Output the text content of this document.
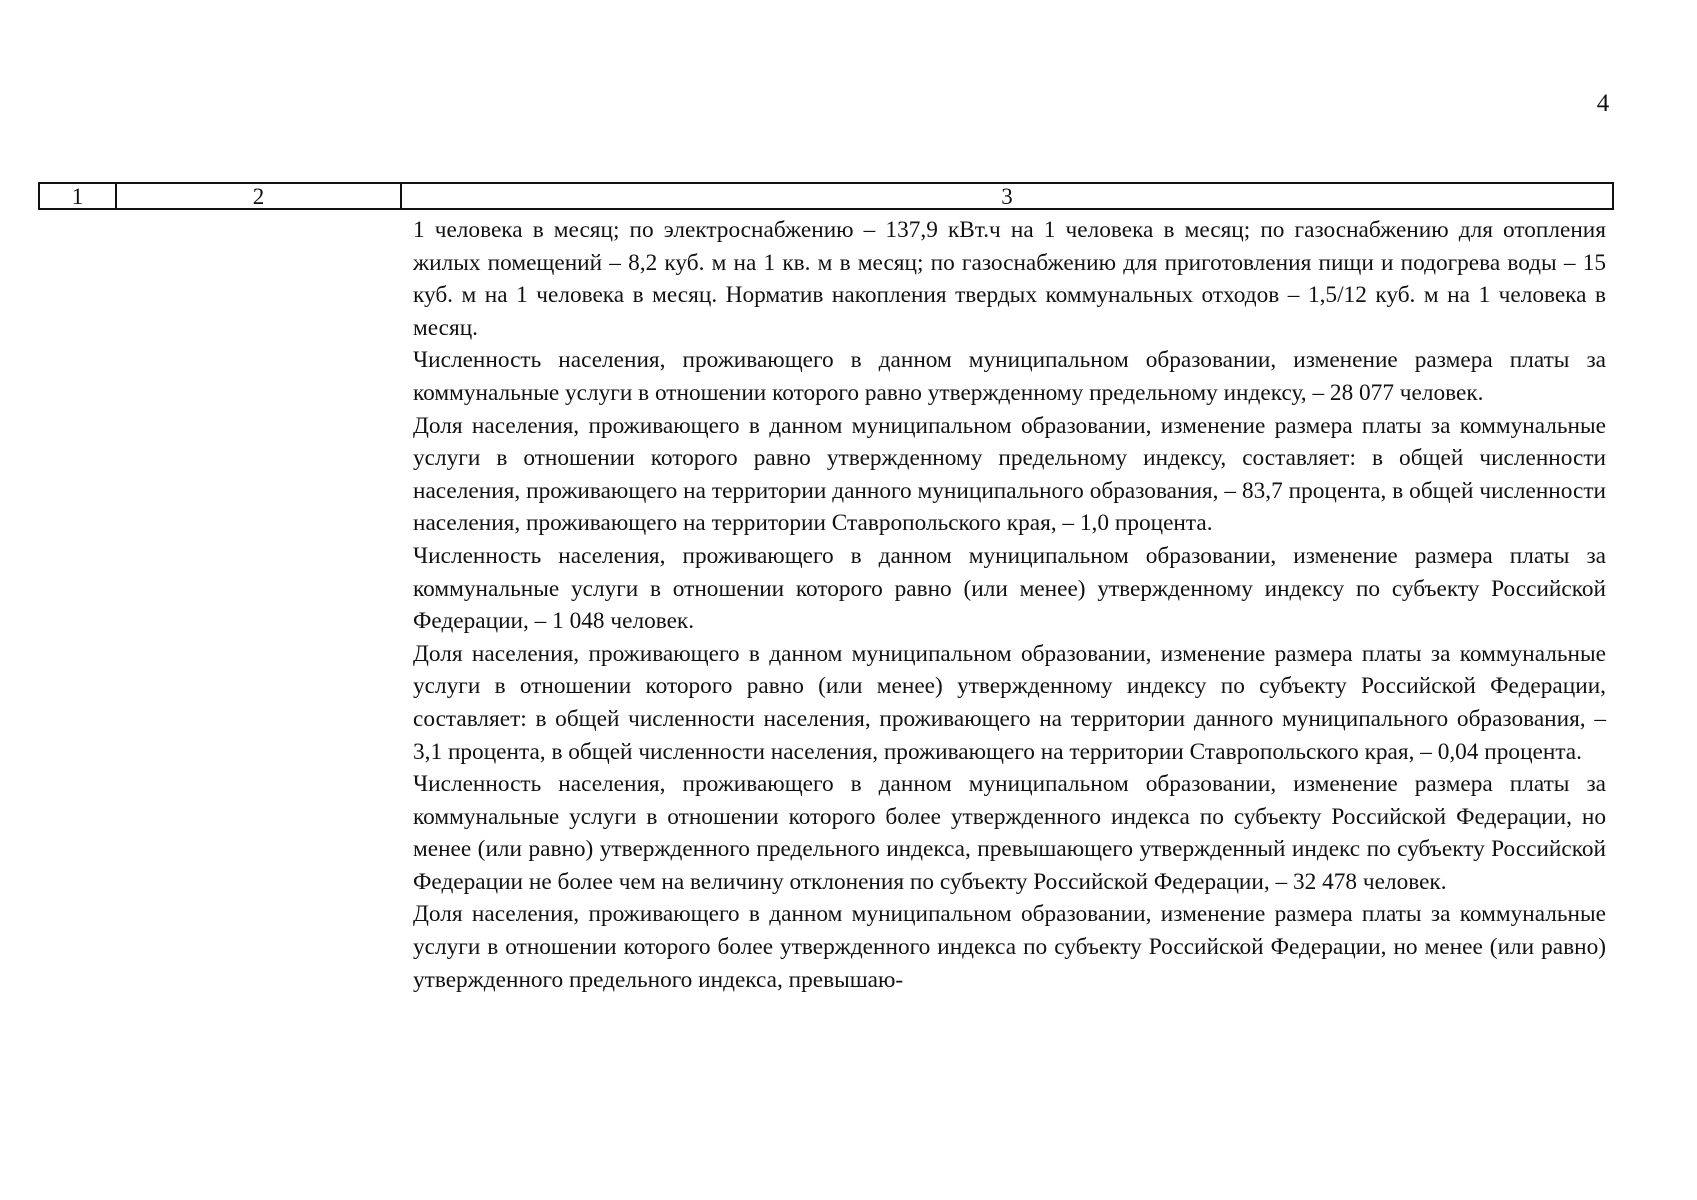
4
1	2	3

1 человека в месяц; по электроснабжению – 137,9 кВт.ч на 1 человека в месяц; по газоснабжению для отопления жилых помещений – 8,2 куб. м на 1 кв. м в месяц; по газоснабжению для приготовления пищи и подогрева воды – 15 куб. м на 1 человека в месяц. Норматив накопления твердых коммунальных отходов – 1,5/12 куб. м на 1 человека в месяц.

Численность населения, проживающего в данном муниципальном образовании, изменение размера платы за коммунальные услуги в отношении которого равно утвержденному предельному индексу, – 28 077 человек.

Доля населения, проживающего в данном муниципальном образовании, изменение размера платы за коммунальные услуги в отношении которого равно утвержденному предельному индексу, составляет: в общей численности населения, проживающего на территории данного муниципального образования, – 83,7 процента, в общей численности населения, проживающего на территории Ставропольского края, – 1,0 процента.

Численность населения, проживающего в данном муниципальном образовании, изменение размера платы за коммунальные услуги в отношении которого равно (или менее) утвержденному индексу по субъекту Российской Федерации, – 1 048 человек.

Доля населения, проживающего в данном муниципальном образовании, изменение размера платы за коммунальные услуги в отношении которого равно (или менее) утвержденному индексу по субъекту Российской Федерации, составляет: в общей численности населения, проживающего на территории данного муниципального образования, – 3,1 процента, в общей численности населения, проживающего на территории Ставропольского края, – 0,04 процента.

Численность населения, проживающего в данном муниципальном образовании, изменение размера платы за коммунальные услуги в отношении которого более утвержденного индекса по субъекту Российской Федерации, но менее (или равно) утвержденного предельного индекса, превышающего утвержденный индекс по субъекту Российской Федерации не более чем на величину отклонения по субъекту Российской Федерации, – 32 478 человек.

Доля населения, проживающего в данном муниципальном образовании, изменение размера платы за коммунальные услуги в отношении которого более утвержденного индекса по субъекту Российской Федерации, но менее (или равно) утвержденного предельного индекса, превышаю-
